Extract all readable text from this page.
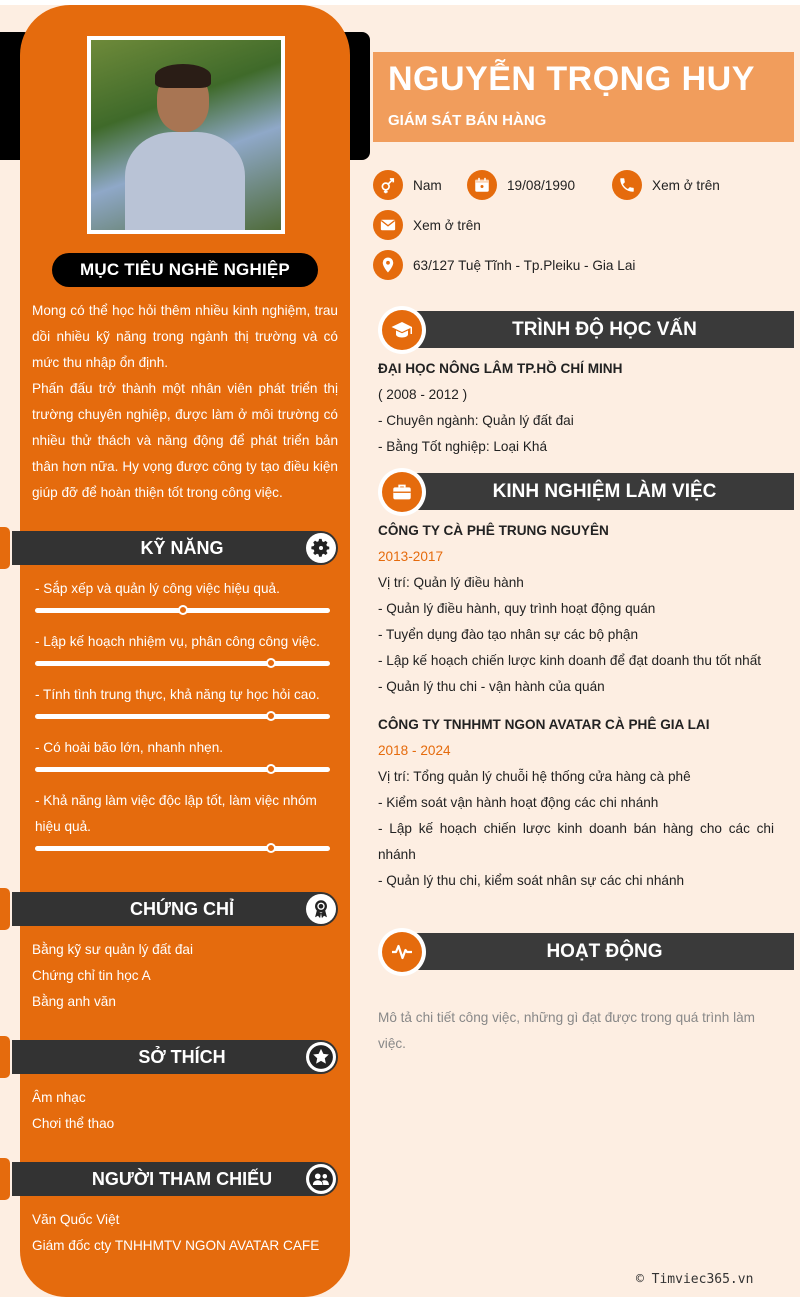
MỤC TIÊU NGHỀ NGHIỆP
Mong có thể học hỏi thêm nhiều kinh nghiệm, trau dồi nhiều kỹ năng trong ngành thị trường và có mức thu nhập ổn định.
Phấn đấu trở thành một nhân viên phát triển thị trường chuyên nghiệp, được làm ở môi trường có nhiều thử thách và năng động để phát triển bản thân hơn nữa. Hy vọng được công ty tạo điều kiện giúp đỡ để hoàn thiện tốt trong công việc.
KỸ NĂNG
- Sắp xếp và quản lý công việc hiệu quả.
- Lập kế hoạch nhiệm vụ, phân công công việc.
- Tính tình trung thực, khả năng tự học hỏi cao.
- Có hoài bão lớn, nhanh nhẹn.
- Khả năng làm việc độc lập tốt, làm việc nhóm hiệu quả.
CHỨNG CHỈ
Bằng kỹ sư quản lý đất đai
Chứng chỉ tin học A
Bằng anh văn
SỞ THÍCH
Âm nhạc
Chơi thể thao
NGƯỜI THAM CHIẾU
Văn Quốc Việt
Giám đốc cty TNHHMTV NGON AVATAR CAFE
NGUYỄN TRỌNG HUY
GIÁM SÁT BÁN HÀNG
Nam	19/08/1990	Xem ở trên
Xem ở trên
63/127 Tuệ Tĩnh - Tp.Pleiku - Gia Lai
TRÌNH ĐỘ HỌC VẤN
ĐẠI HỌC NÔNG LÂM TP.HỒ CHÍ MINH
( 2008 - 2012 )
- Chuyên ngành: Quản lý đất đai
- Bằng Tốt nghiệp: Loại Khá
KINH NGHIỆM LÀM VIỆC
CÔNG TY CÀ PHÊ TRUNG NGUYÊN
2013-2017
Vị trí: Quản lý điều hành
- Quản lý điều hành, quy trình hoạt động quán
- Tuyển dụng đào tạo nhân sự các bộ phận
- Lập kế hoạch chiến lược kinh doanh để đạt doanh thu tốt nhất
- Quản lý thu chi - vận hành của quán
CÔNG TY TNHHMT NGON AVATAR CÀ PHÊ GIA LAI
2018 - 2024
Vị trí: Tổng quản lý chuỗi hệ thống cửa hàng cà phê
- Kiểm soát vận hành hoạt động các chi nhánh
- Lập kế hoạch chiến lược kinh doanh bán hàng cho các chi nhánh
- Quản lý thu chi, kiểm soát nhân sự các chi nhánh
HOẠT ĐỘNG
Mô tả chi tiết công việc, những gì đạt được trong quá trình làm việc.
© Timviec365.vn
